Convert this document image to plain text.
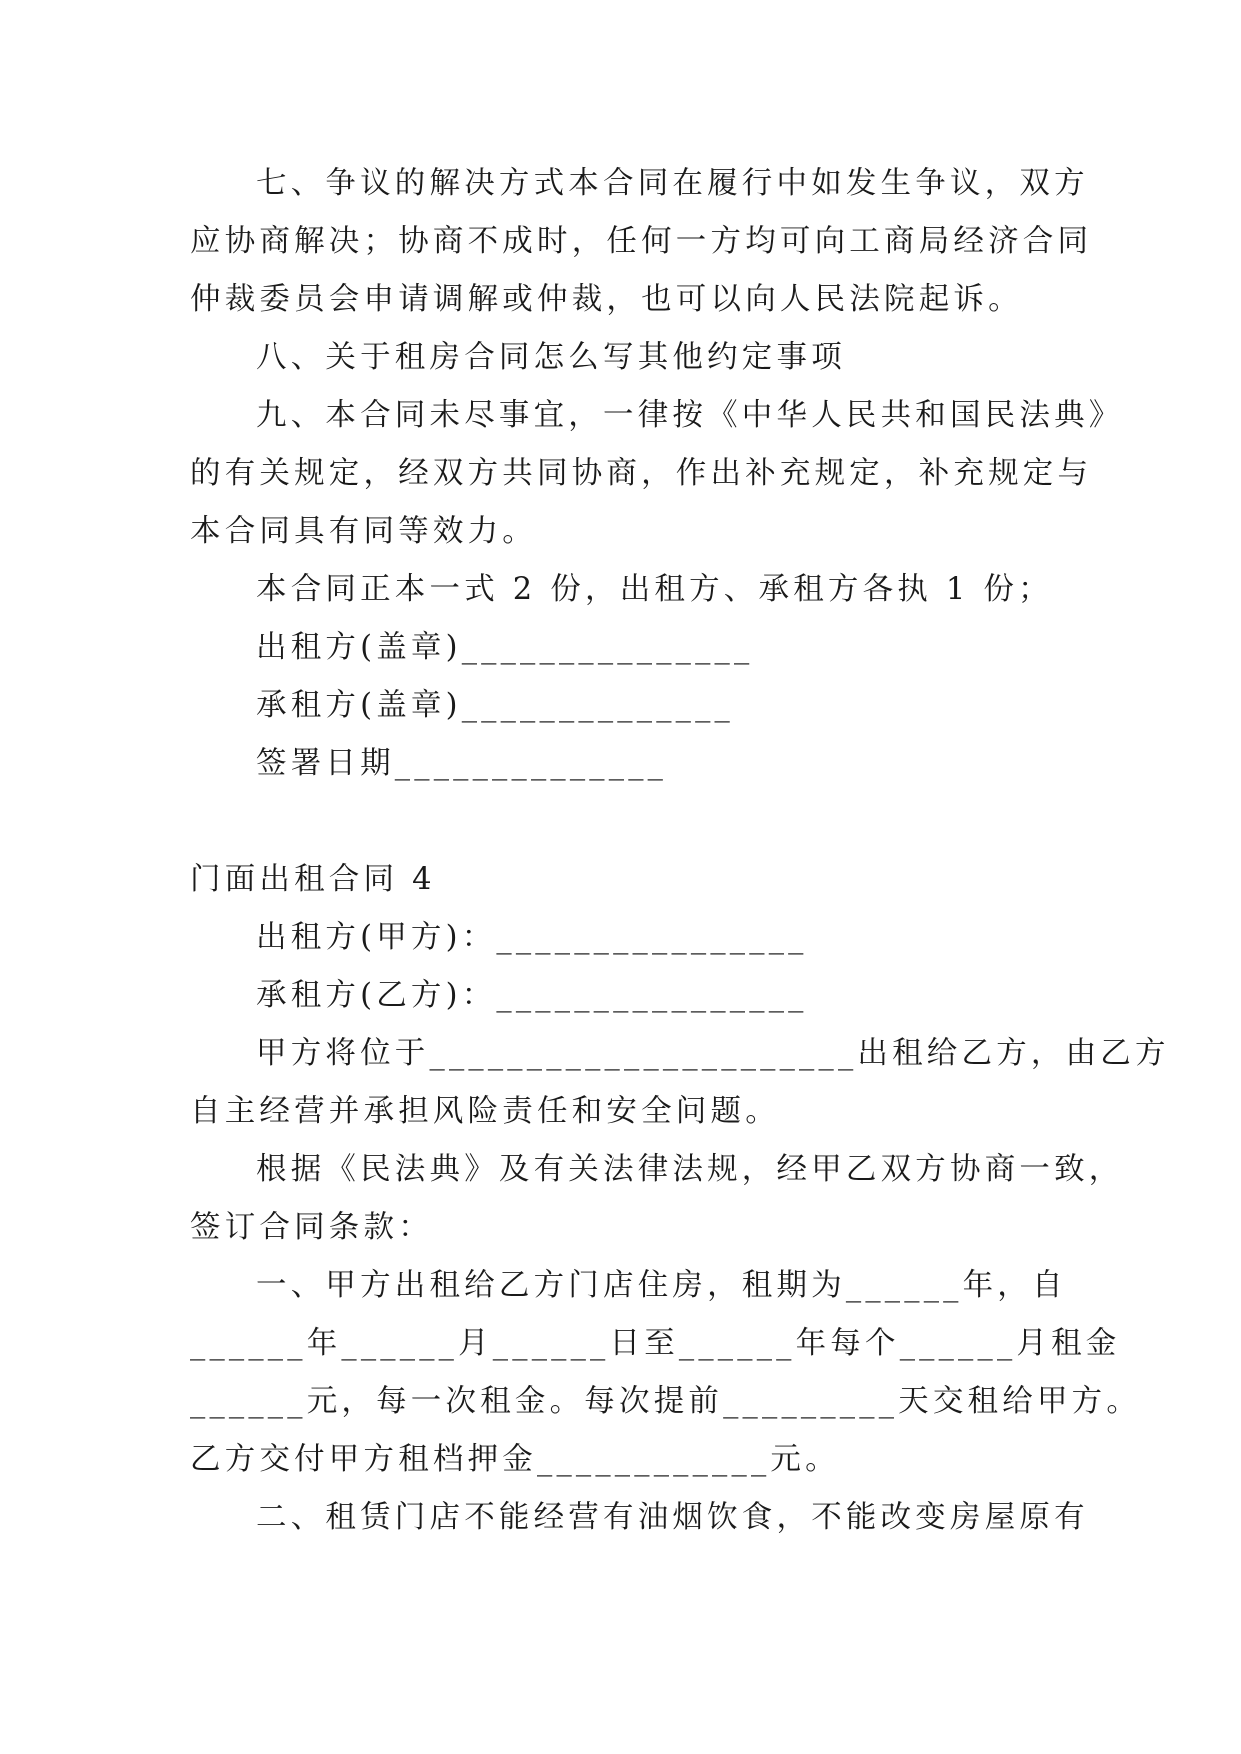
七、争议的解决方式本合同在履行中如发生争议，双方
应协商解决；协商不成时，任何一方均可向工商局经济合同
仲裁委员会申请调解或仲裁，也可以向人民法院起诉。
八、关于租房合同怎么写其他约定事项
九、本合同未尽事宜，一律按《中华人民共和国民法典》
的有关规定，经双方共同协商，作出补充规定，补充规定与
本合同具有同等效力。
本合同正本一式 2 份，出租方、承租方各执 1 份；
出租方(盖章)_______________
承租方(盖章)______________
签署日期______________
门面出租合同 4
出租方(甲方)：________________
承租方(乙方)：________________
甲方将位于______________________出租给乙方，由乙方
自主经营并承担风险责任和安全问题。
根据《民法典》及有关法律法规，经甲乙双方协商一致，
签订合同条款：
一、甲方出租给乙方门店住房，租期为______年，自
______年______月______日至______年每个______月租金
______元，每一次租金。每次提前_________天交租给甲方。
乙方交付甲方租档押金____________元。
二、租赁门店不能经营有油烟饮食，不能改变房屋原有
